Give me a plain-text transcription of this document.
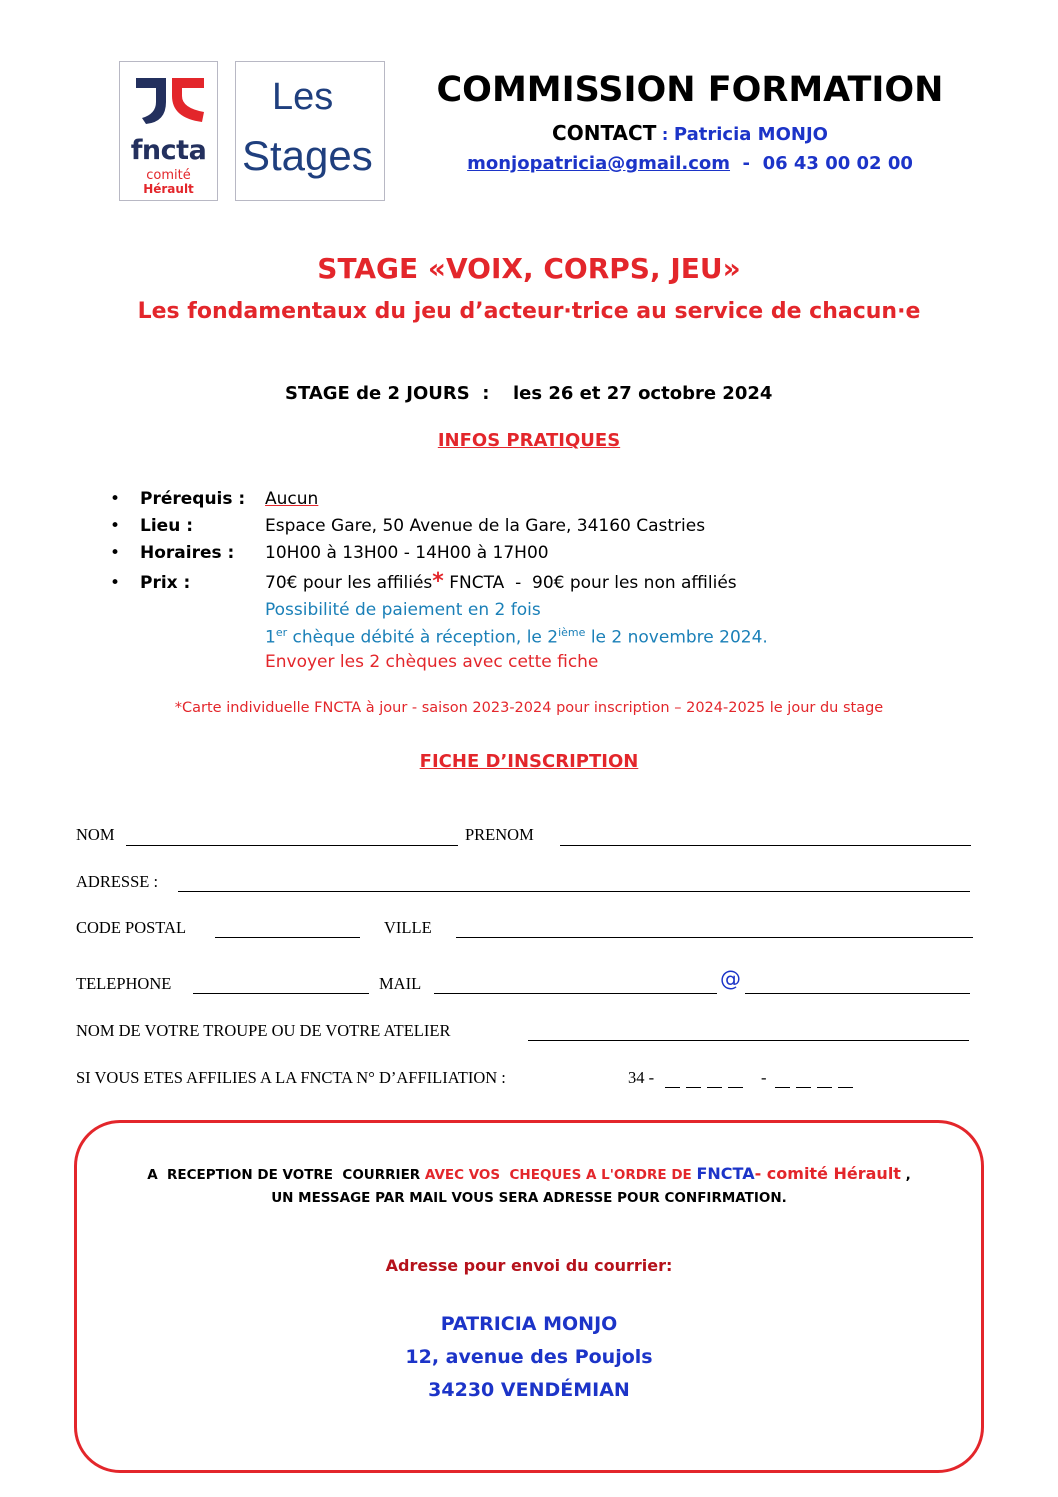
fncta
comité
Hérault
Les
Stages
COMMISSION FORMATION
CONTACT : Patricia MONJO
monjopatricia@gmail.com  -  06 43 00 02 00
STAGE «VOIX, CORPS, JEU»
Les fondamentaux du jeu d’acteur·trice au service de chacun·e
STAGE de 2 JOURS  : les 26 et 27 octobre 2024
INFOS PRATIQUES
• Prérequis : Aucun
• Lieu :	Espace Gare, 50 Avenue de la Gare, 34160 Castries
• Horaires : 10H00 à 13H00 - 14H00 à 17H00
• Prix :	70€ pour les affiliés* FNCTA  -  90€ pour les non affiliés
Possibilité de paiement en 2 fois
1er chèque débité à réception, le 2ième le 2 novembre 2024.
Envoyer les 2 chèques avec cette fiche
*Carte individuelle FNCTA à jour - saison 2023-2024 pour inscription – 2024-2025 le jour du stage
FICHE D’INSCRIPTION
NOM	PRENOM
ADRESSE :
CODE POSTAL	VILLE
TELEPHONE	MAIL	@
NOM DE VOTRE TROUPE OU DE VOTRE ATELIER
SI VOUS ETES AFFILIES A LA FNCTA N° D’AFFILIATION :	34 -	-
A  RECEPTION DE VOTRE  COURRIER AVEC VOS  CHEQUES A L'ORDRE DE FNCTA- comité Hérault ,
UN MESSAGE PAR MAIL VOUS SERA ADRESSE POUR CONFIRMATION.
Adresse pour envoi du courrier:
PATRICIA MONJO
12, avenue des Poujols
34230 VENDÉMIAN
